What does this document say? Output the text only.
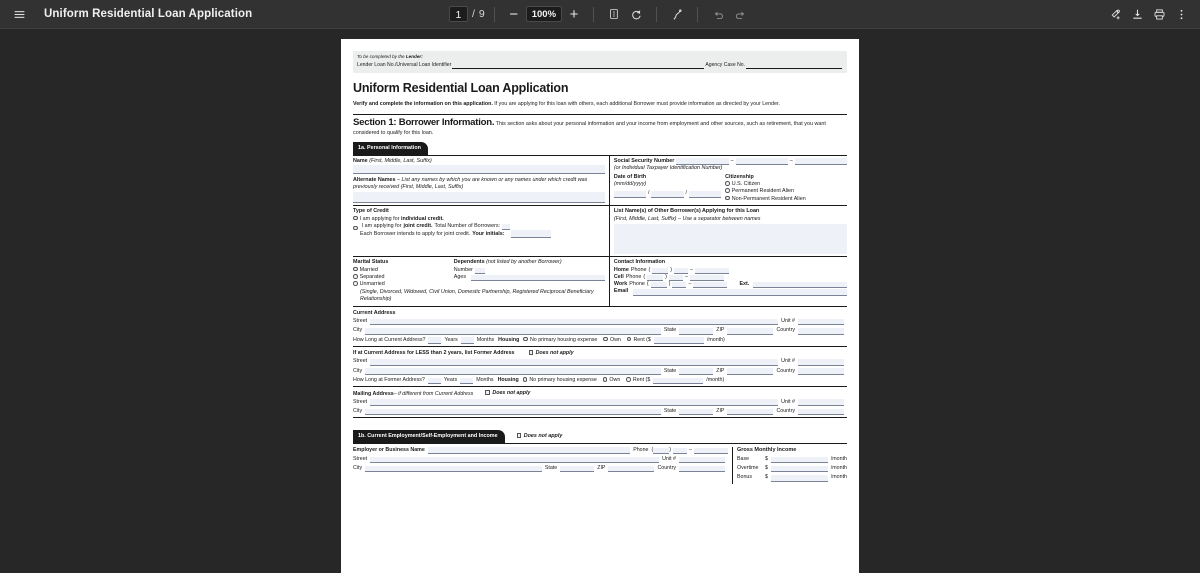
Uniform Residential Loan Application	1	/ 9	−	100% +
To be completed by the Lender:
Lender Loan No./Universal Loan Identifier	Agency Case No.
Uniform Residential Loan Application
Verify and complete the information on this application. If you are applying for this loan with others, each additional Borrower must provide information as directed by your Lender.
Section 1: Borrower Information. This section asks about your personal information and your income from employment and other sources, such as retirement, that you want considered to qualify for this loan.
1a. Personal Information
Name (First, Middle, Last, Suffix)
Alternate Names – List any names by which you are known or any names under which credit was previously received (First, Middle, Last, Suffix)
Social Security Number	–	–
(or Individual Taxpayer Identification Number)
Date of Birth
(mm/dd/yyyy)
/	/
Citizenship
U.S. Citizen
Permanent Resident Alien
Non-Permanent Resident Alien
Type of Credit
I am applying for individual credit.
I am applying for joint credit. Total Number of Borrowers:
Each Borrower intends to apply for joint credit. Your initials:
List Name(s) of Other Borrower(s) Applying for this Loan
(First, Middle, Last, Suffix) – Use a separator between names
Marital Status
Married
Separated
Unmarried
Dependents (not listed by another Borrower)
Number
Ages
(Single, Divorced, Widowed, Civil Union, Domestic Partnership, Registered Reciprocal Beneficiary Relationship)
Contact Information
Home Phone (	)	–
Cell Phone (	)	–
Work Phone (	)	–	Ext.
Email
Current Address
Street	Unit #
City	State	ZIP	Country
How Long at Current Address?	Years	Months Housing	No primary housing expense	Own	Rent ($	/month)
If at Current Address for LESS than 2 years, list Former Address	Does not apply
Street	Unit #
City	State	ZIP	Country
How Long at Former Address?	Years	Months Housing	No primary housing expense	Own	Rent ($	/month)
Mailing Address – if different from Current Address	Does not apply
Street	Unit #
City	State	ZIP	Country
1b. Current Employment/Self-Employment and Income	Does not apply
Employer or Business Name	Phone	)	–
Street	Unit #
City	State	ZIP	Country
Gross Monthly Income
Base	$	/month
Overtime	$	/month
Bonus	$	/month
